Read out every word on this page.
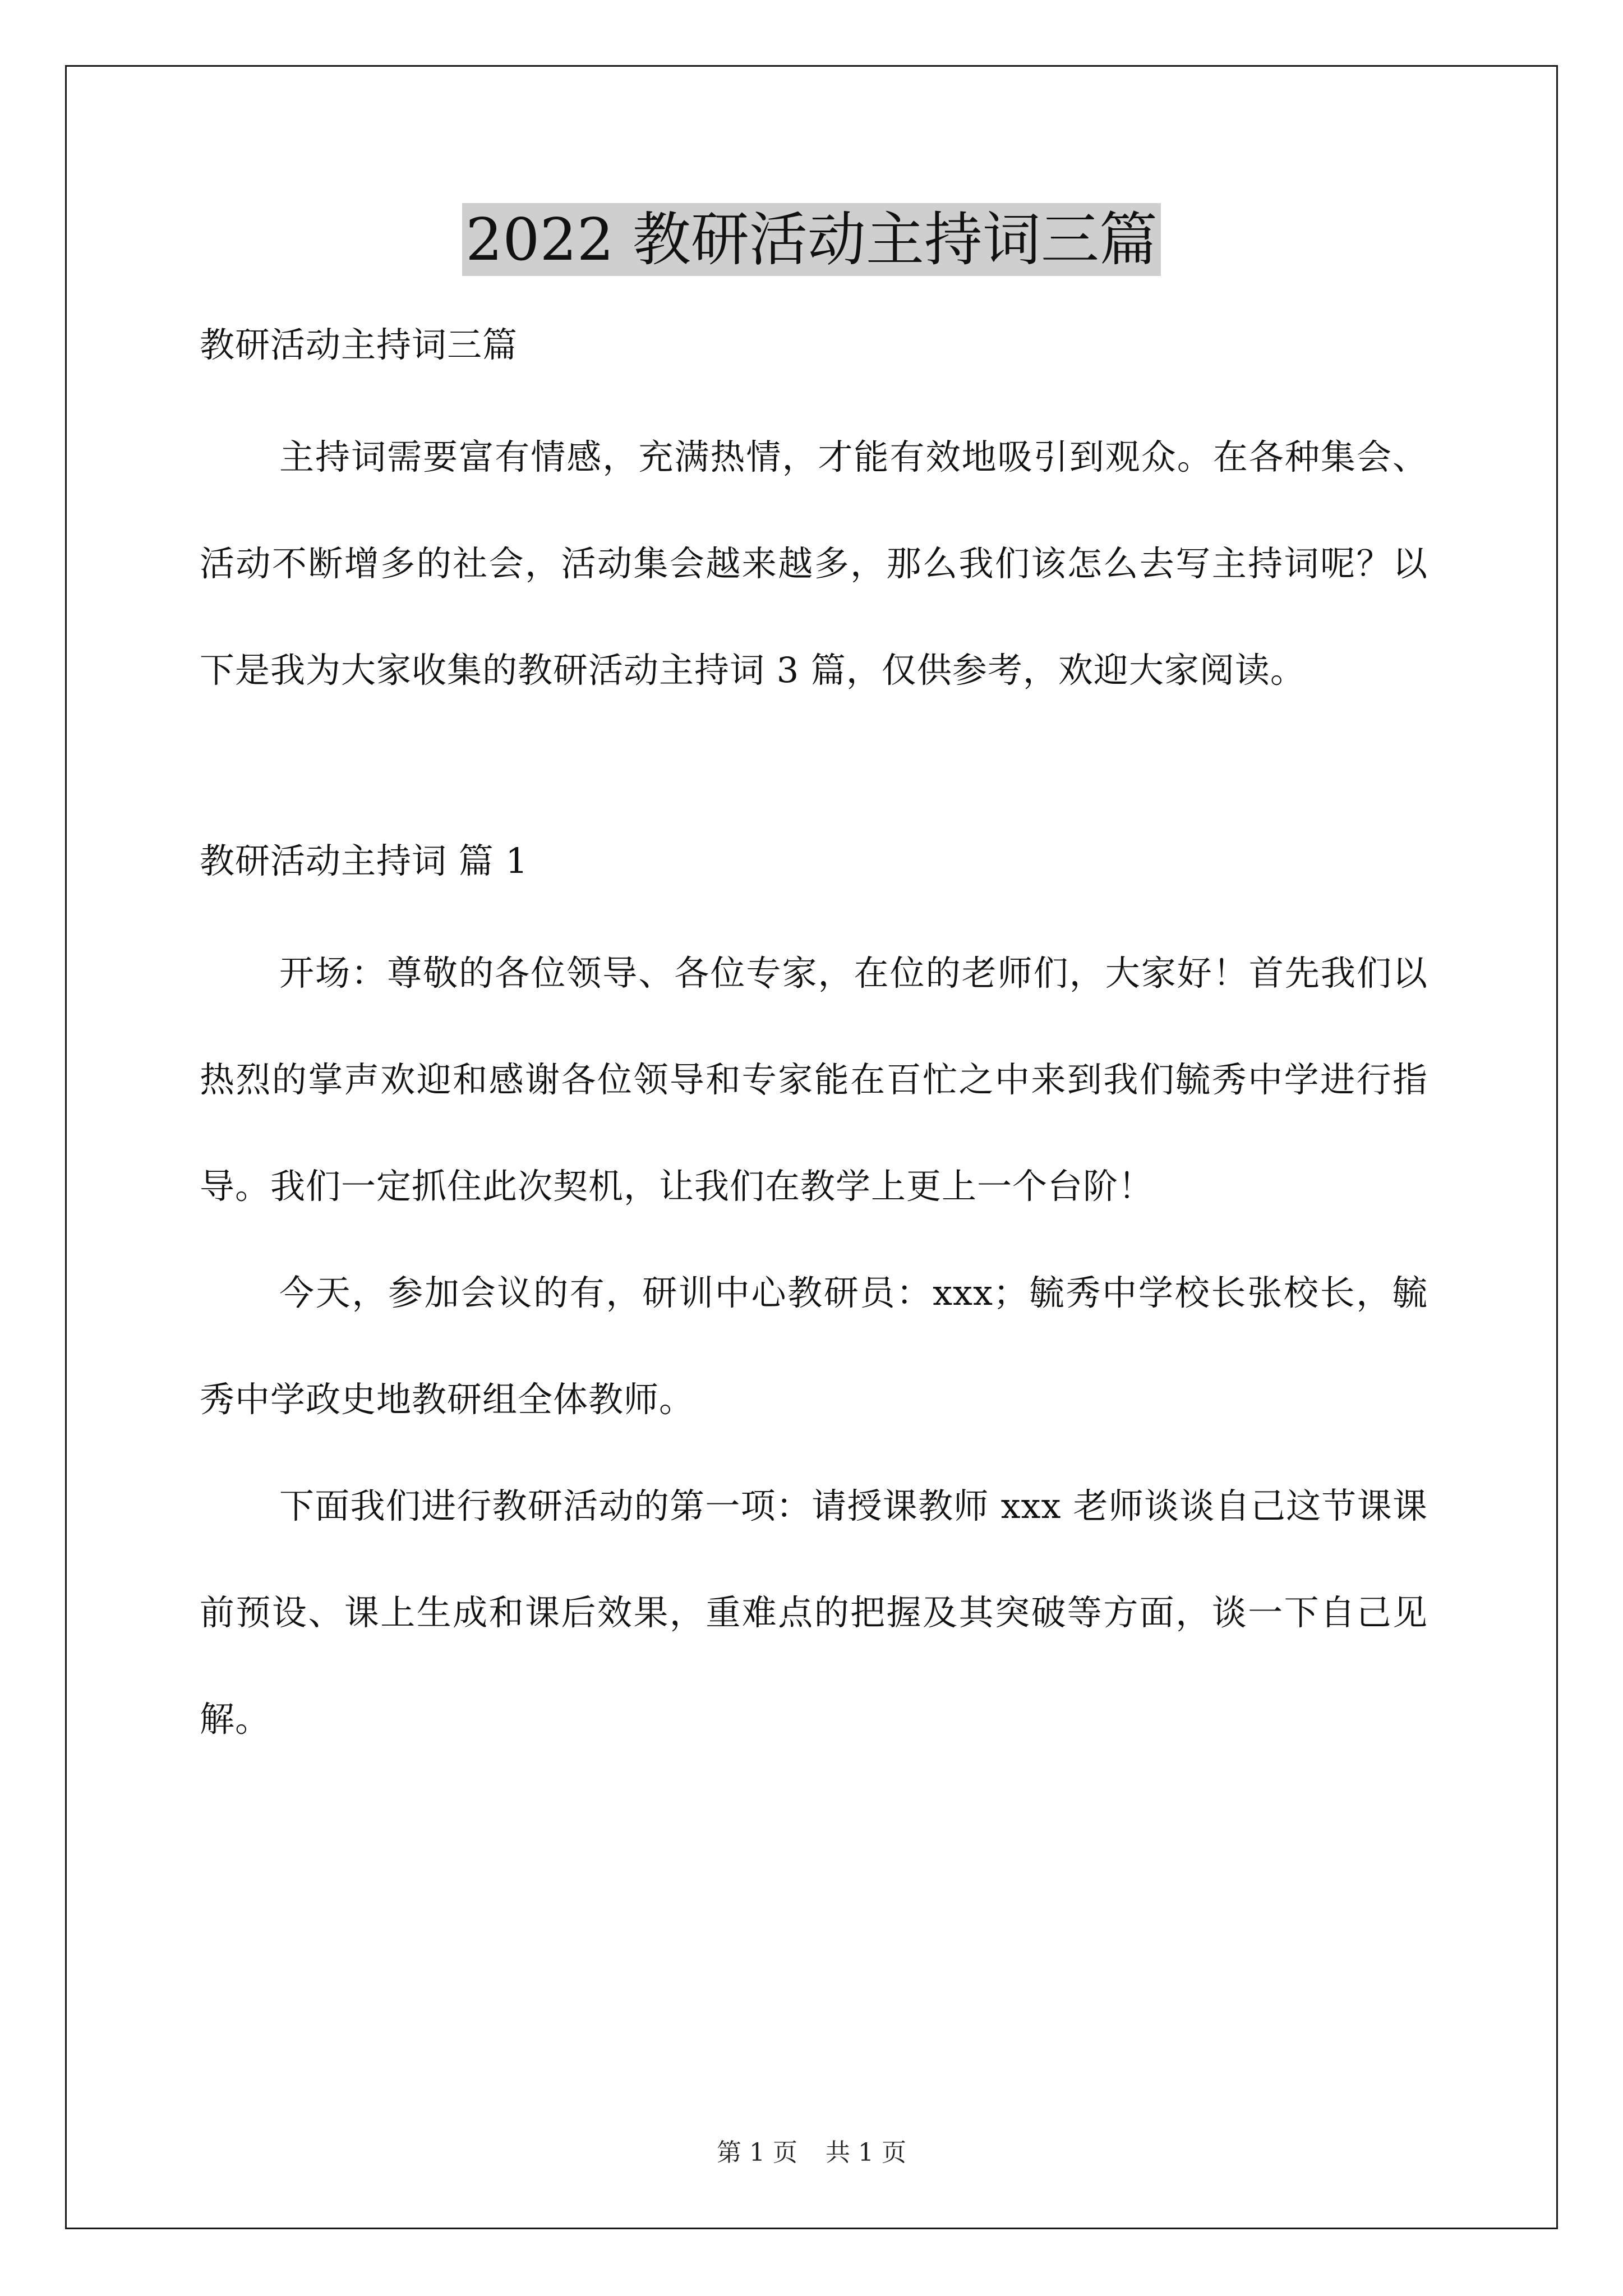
2022 教研活动主持词三篇

教研活动主持词三篇

主持词需要富有情感，充满热情，才能有效地吸引到观众。在各种集会、活动不断增多的社会，活动集会越来越多，那么我们该怎么去写主持词呢？以下是我为大家收集的教研活动主持词 3 篇，仅供参考，欢迎大家阅读。

教研活动主持词 篇 1

开场：尊敬的各位领导、各位专家，在位的老师们，大家好！首先我们以热烈的掌声欢迎和感谢各位领导和专家能在百忙之中来到我们毓秀中学进行指导。我们一定抓住此次契机，让我们在教学上更上一个台阶！

今天，参加会议的有，研训中心教研员：xxx；毓秀中学校长张校长，毓秀中学政史地教研组全体教师。

下面我们进行教研活动的第一项：请授课教师 xxx 老师谈谈自己这节课课前预设、课上生成和课后效果，重难点的把握及其突破等方面，谈一下自己见解。

第 1 页 共 1 页
